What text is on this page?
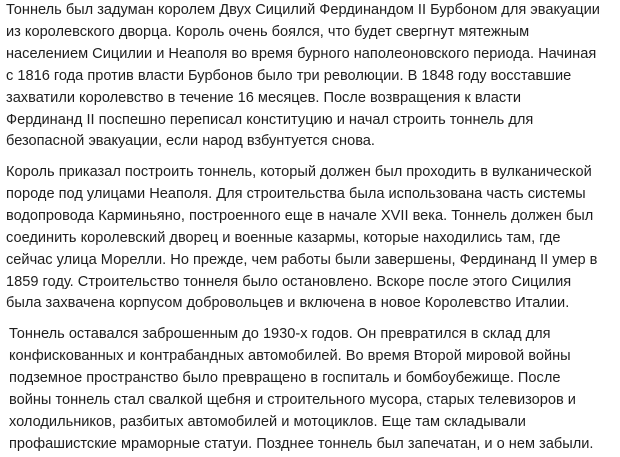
Тоннель был задуман королем Двух Сицилий Фердинандом II Бурбоном для эвакуации
из королевского дворца. Король очень боялся, что будет свергнут мятежным
населением Сицилии и Неаполя во время бурного наполеоновского периода. Начиная
с 1816 года против власти Бурбонов было три революции. В 1848 году восставшие
захватили королевство в течение 16 месяцев. После возвращения к власти
Фердинанд II поспешно переписал конституцию и начал строить тоннель для
безопасной эвакуации, если народ взбунтуется снова.

Король приказал построить тоннель, который должен был проходить в вулканической
породе под улицами Неаполя. Для строительства была использована часть системы
водопровода Карминьяно, построенного еще в начале XVII века. Тоннель должен был
соединить королевский дворец и военные казармы, которые находились там, где
сейчас улица Морелли. Но прежде, чем работы были завершены, Фердинанд II умер в
1859 году. Строительство тоннеля было остановлено. Вскоре после этого Сицилия
была захвачена корпусом добровольцев и включена в новое Королевство Италии.

Тоннель оставался заброшенным до 1930-х годов. Он превратился в склад для
конфискованных и контрабандных автомобилей. Во время Второй мировой войны
подземное пространство было превращено в госпиталь и бомбоубежище. После
войны тоннель стал свалкой щебня и строительного мусора, старых телевизоров и
холодильников, разбитых автомобилей и мотоциклов. Еще там складывали
профашистские мраморные статуи. Позднее тоннель был запечатан, и о нем забыли.
